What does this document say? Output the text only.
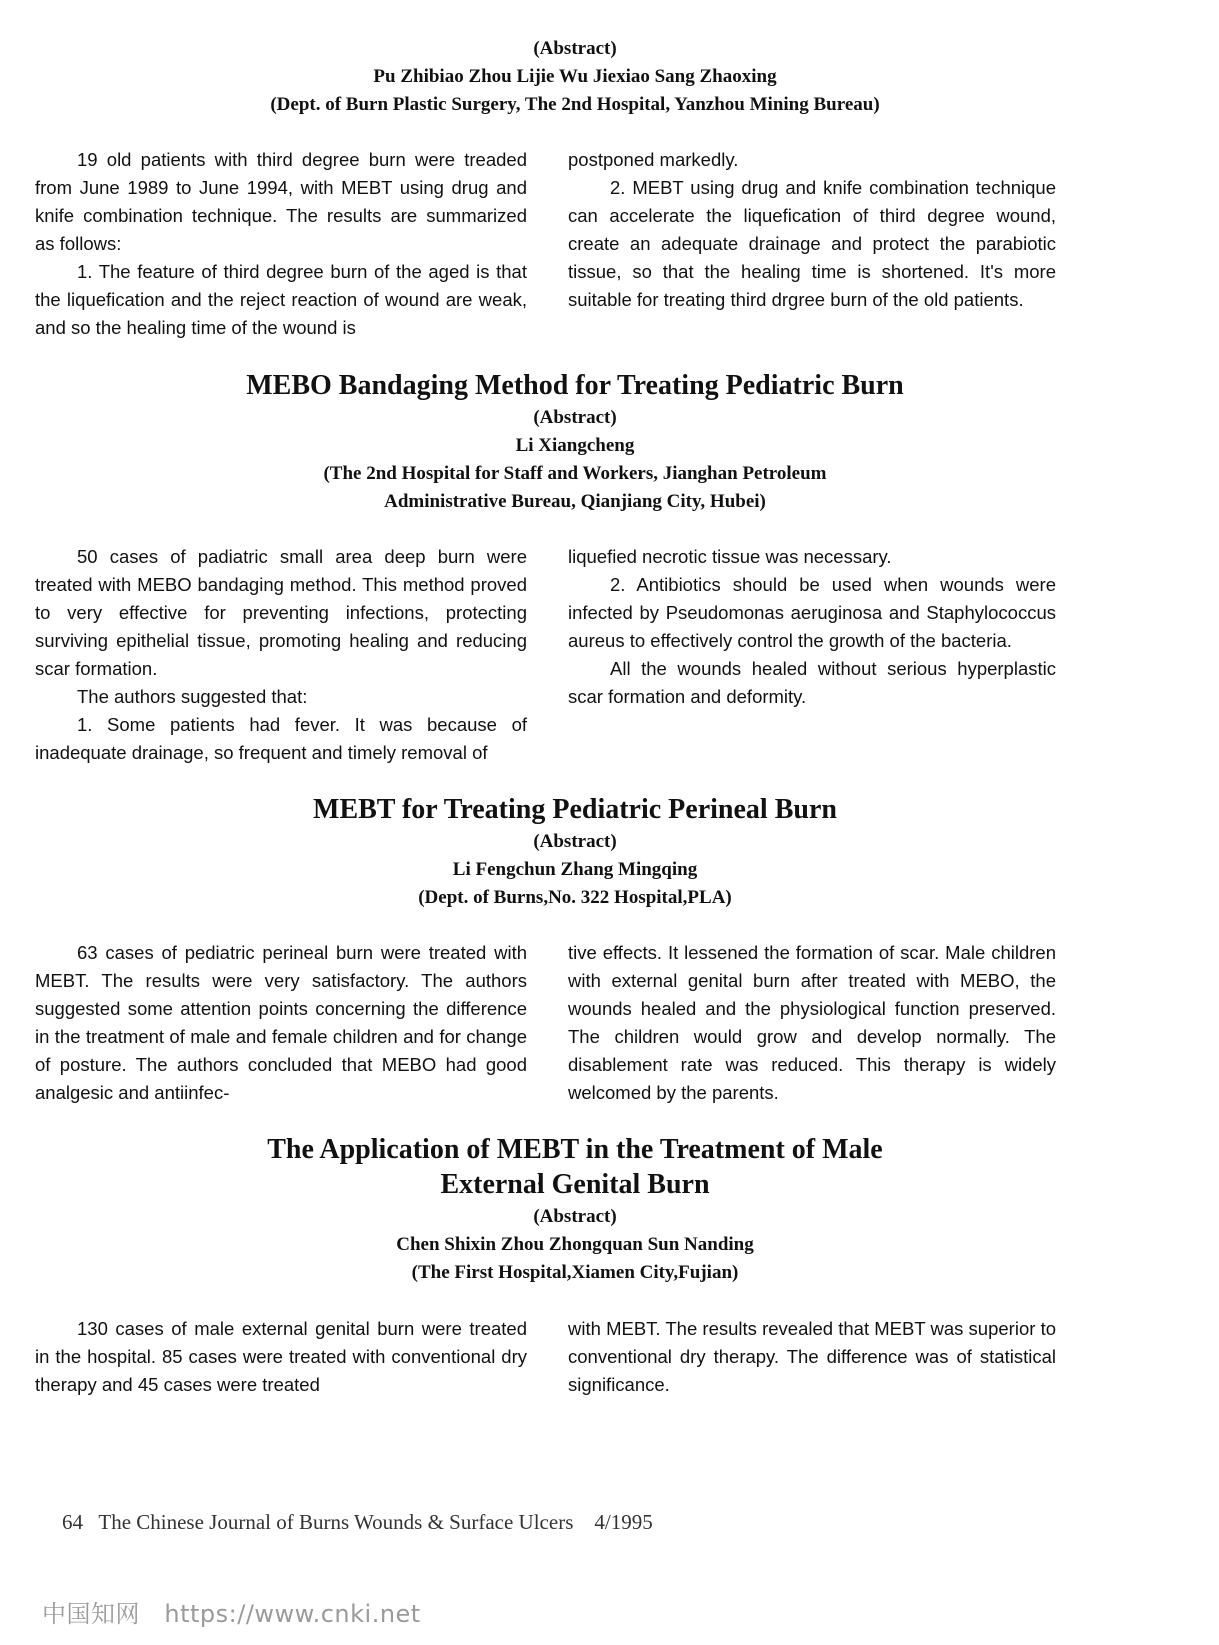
(Abstract)
Pu Zhibiao Zhou Lijie Wu Jiexiao Sang Zhaoxing
(Dept. of Burn Plastic Surgery, The 2nd Hospital, Yanzhou Mining Bureau)

19 old patients with third degree burn were treaded from June 1989 to June 1994, with MEBT using drug and knife combination technique. The results are summarized as follows:

1. The feature of third degree burn of the aged is that the liquefication and the reject reaction of wound are weak, and so the healing time of the wound is

postponed markedly.

2. MEBT using drug and knife combination technique can accelerate the liquefication of third degree wound, create an adequate drainage and protect the parabiotic tissue, so that the healing time is shortened. It's more suitable for treating third drgree burn of the old patients.

MEBO Bandaging Method for Treating Pediatric Burn
(Abstract)
Li Xiangcheng
(The 2nd Hospital for Staff and Workers, Jianghan Petroleum
Administrative Bureau, Qianjiang City, Hubei)

50 cases of padiatric small area deep burn were treated with MEBO bandaging method. This method proved to very effective for preventing infections, protecting surviving epithelial tissue, promoting healing and reducing scar formation.

The authors suggested that:

1. Some patients had fever. It was because of inadequate drainage, so frequent and timely removal of

liquefied necrotic tissue was necessary.

2. Antibiotics should be used when wounds were infected by Pseudomonas aeruginosa and Staphylococcus aureus to effectively control the growth of the bacteria.

All the wounds healed without serious hyperplastic scar formation and deformity.

MEBT for Treating Pediatric Perineal Burn
(Abstract)
Li Fengchun Zhang Mingqing
(Dept. of Burns,No. 322 Hospital,PLA)

63 cases of pediatric perineal burn were treated with MEBT. The results were very satisfactory. The authors suggested some attention points concerning the difference in the treatment of male and female children and for change of posture. The authors concluded that MEBO had good analgesic and antiinfec-

tive effects. It lessened the formation of scar. Male children with external genital burn after treated with MEBO, the wounds healed and the physiological function preserved. The children would grow and develop normally. The disablement rate was reduced. This therapy is widely welcomed by the parents.

The Application of MEBT in the Treatment of Male
External Genital Burn
(Abstract)
Chen Shixin Zhou Zhongquan Sun Nanding
(The First Hospital,Xiamen City,Fujian)

130 cases of male external genital burn were treated in the hospital. 85 cases were treated with conventional dry therapy and 45 cases were treated

with MEBT. The results revealed that MEBT was superior to conventional dry therapy. The difference was of statistical significance.

64   The Chinese Journal of Burns Wounds & Surface Ulcers    4/1995
中国知网   https://www.cnki.net
